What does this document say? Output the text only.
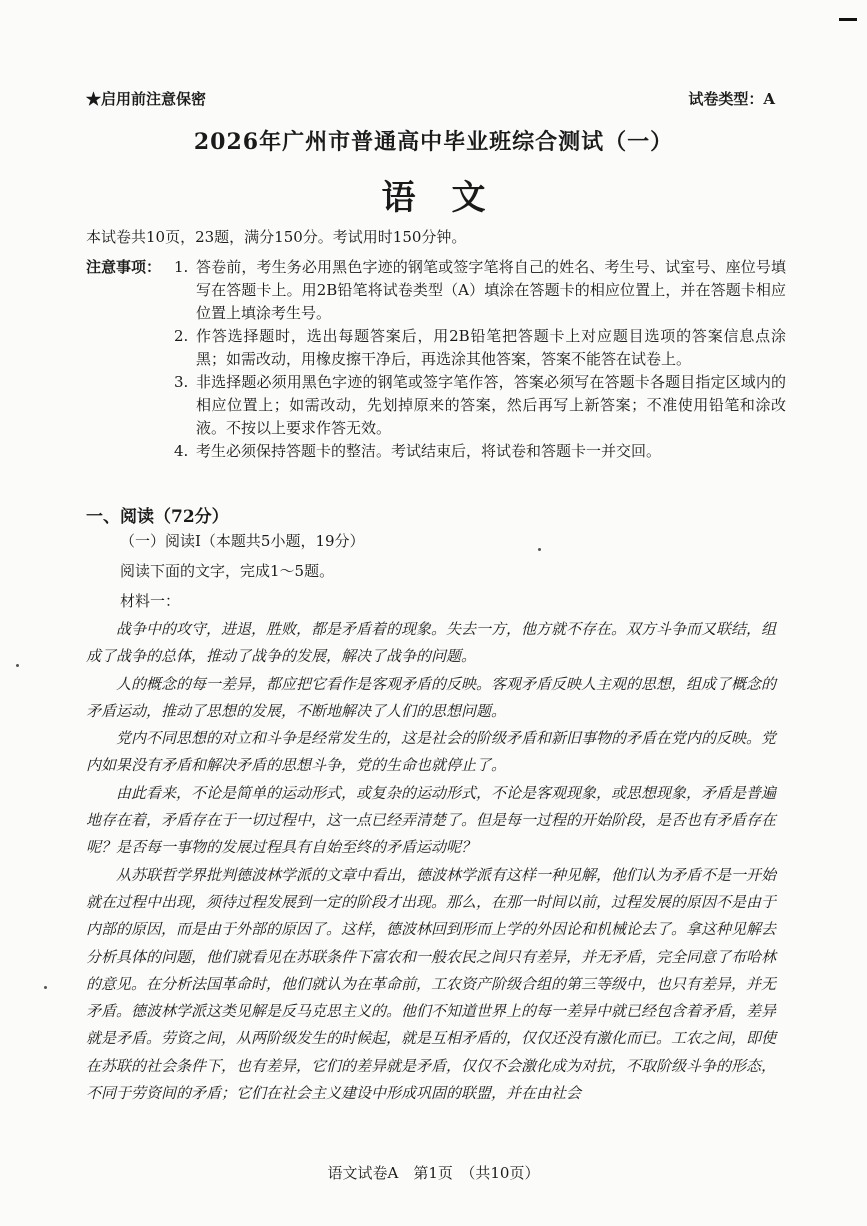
★启用前注意保密	试卷类型：A
2026年广州市普通高中毕业班综合测试（一）
语文
本试卷共10页，23题，满分150分。考试用时150分钟。
注意事项： 1. 答卷前，考生务必用黑色字迹的钢笔或签字笔将自己的姓名、考生号、试室号、座位号填写在答题卡上。用2B铅笔将试卷类型（A）填涂在答题卡的相应位置上，并在答题卡相应位置上填涂考生号。
2. 作答选择题时，选出每题答案后，用2B铅笔把答题卡上对应题目选项的答案信息点涂黑；如需改动，用橡皮擦干净后，再选涂其他答案，答案不能答在试卷上。
3. 非选择题必须用黑色字迹的钢笔或签字笔作答，答案必须写在答题卡各题目指定区域内的相应位置上；如需改动，先划掉原来的答案，然后再写上新答案；不准使用铅笔和涂改液。不按以上要求作答无效。
4. 考生必须保持答题卡的整洁。考试结束后，将试卷和答题卡一并交回。
一、阅读（72分）
（一）阅读Ⅰ（本题共5小题，19分）
阅读下面的文字，完成1～5题。
材料一：

战争中的攻守，进退，胜败，都是矛盾着的现象。失去一方，他方就不存在。双方斗争而又联结，组成了战争的总体，推动了战争的发展，解决了战争的问题。

人的概念的每一差异，都应把它看作是客观矛盾的反映。客观矛盾反映人主观的思想，组成了概念的矛盾运动，推动了思想的发展，不断地解决了人们的思想问题。

党内不同思想的对立和斗争是经常发生的，这是社会的阶级矛盾和新旧事物的矛盾在党内的反映。党内如果没有矛盾和解决矛盾的思想斗争，党的生命也就停止了。

由此看来，不论是简单的运动形式，或复杂的运动形式，不论是客观现象，或思想现象，矛盾是普遍地存在着，矛盾存在于一切过程中，这一点已经弄清楚了。但是每一过程的开始阶段，是否也有矛盾存在呢？是否每一事物的发展过程具有自始至终的矛盾运动呢？

从苏联哲学界批判德波林学派的文章中看出，德波林学派有这样一种见解，他们认为矛盾不是一开始就在过程中出现，须待过程发展到一定的阶段才出现。那么，在那一时间以前，过程发展的原因不是由于内部的原因，而是由于外部的原因了。这样，德波林回到形而上学的外因论和机械论去了。拿这种见解去分析具体的问题，他们就看见在苏联条件下富农和一般农民之间只有差异，并无矛盾，完全同意了布哈林的意见。在分析法国革命时，他们就认为在革命前，工农资产阶级合组的第三等级中，也只有差异，并无矛盾。德波林学派这类见解是反马克思主义的。他们不知道世界上的每一差异中就已经包含着矛盾，差异就是矛盾。劳资之间，从两阶级发生的时候起，就是互相矛盾的，仅仅还没有激化而已。工农之间，即使在苏联的社会条件下，也有差异，它们的差异就是矛盾，仅仅不会激化成为对抗，不取阶级斗争的形态，不同于劳资间的矛盾；它们在社会主义建设中形成巩固的联盟，并在由社会

语文试卷A　第1页　（共10页）
